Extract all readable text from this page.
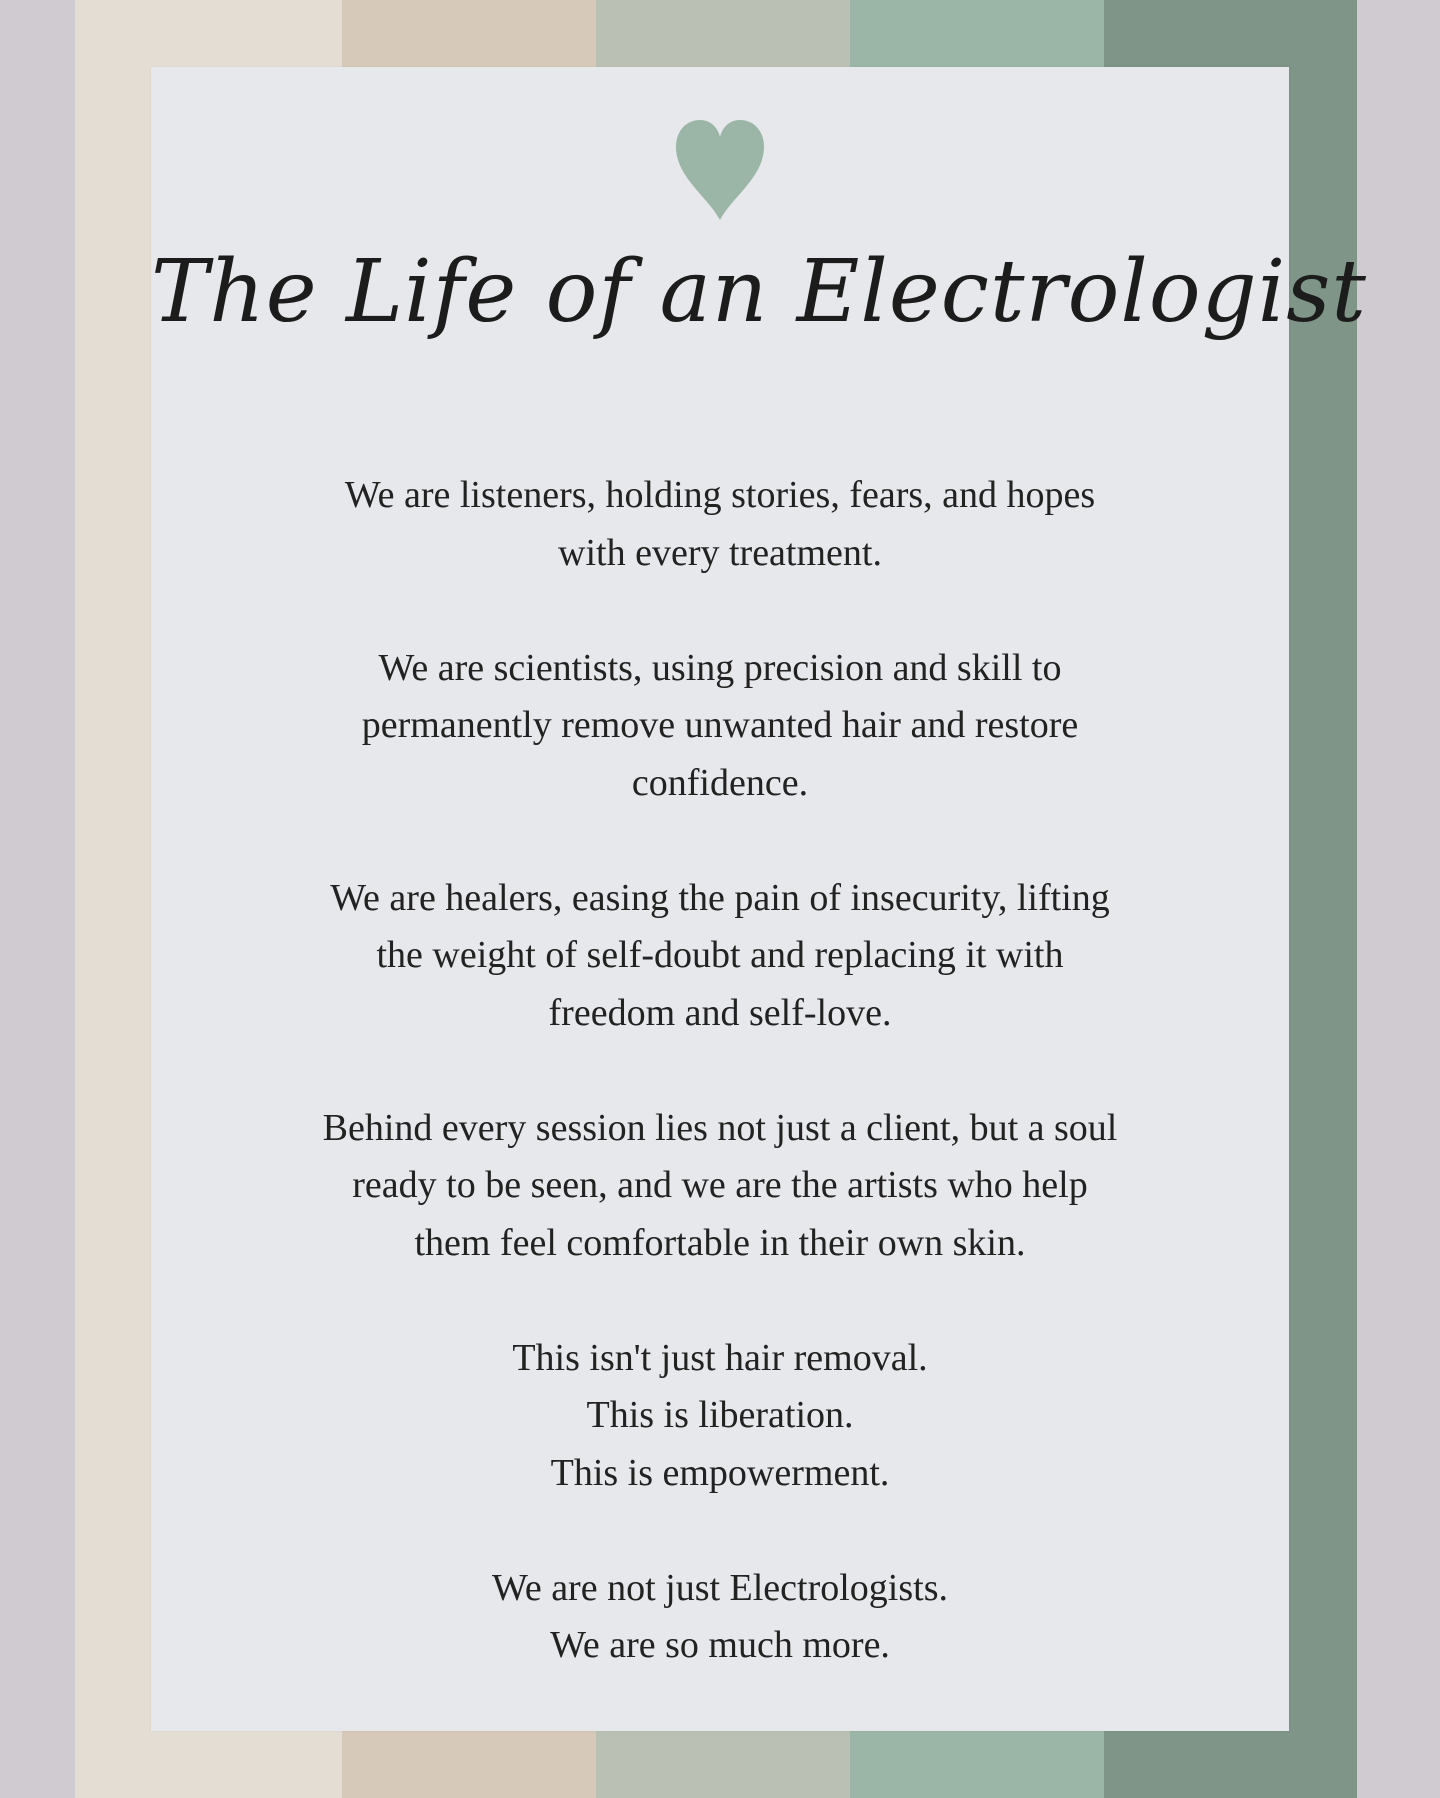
The Life of an Electrologist
We are listeners, holding stories, fears, and hopes
with every treatment.
We are scientists, using precision and skill to
permanently remove unwanted hair and restore
confidence.
We are healers, easing the pain of insecurity, lifting
the weight of self-doubt and replacing it with
freedom and self-love.
Behind every session lies not just a client, but a soul
ready to be seen, and we are the artists who help
them feel comfortable in their own skin.
This isn't just hair removal.
This is liberation.
This is empowerment.
We are not just Electrologists.
We are so much more.
